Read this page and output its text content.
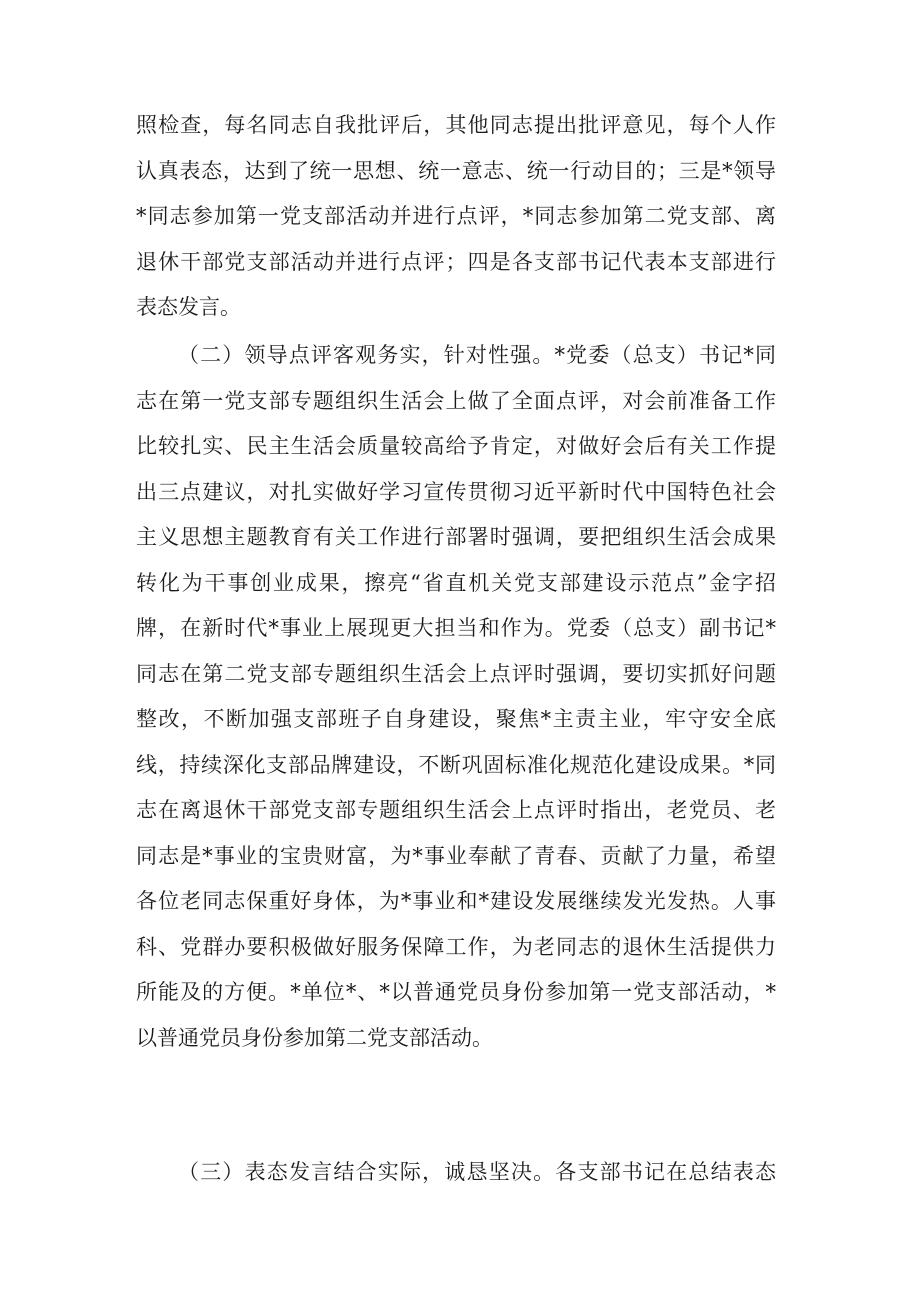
照检查，每名同志自我批评后，其他同志提出批评意见，每个人作
认真表态，达到了统一思想、统一意志、统一行动目的；三是*领导
*同志参加第一党支部活动并进行点评，*同志参加第二党支部、离
退休干部党支部活动并进行点评；四是各支部书记代表本支部进行
表态发言。
（二）领导点评客观务实，针对性强。*党委（总支）书记*同
志在第一党支部专题组织生活会上做了全面点评，对会前准备工作
比较扎实、民主生活会质量较高给予肯定，对做好会后有关工作提
出三点建议，对扎实做好学习宣传贯彻习近平新时代中国特色社会
主义思想主题教育有关工作进行部署时强调，要把组织生活会成果
转化为干事创业成果，擦亮“省直机关党支部建设示范点”金字招
牌，在新时代*事业上展现更大担当和作为。党委（总支）副书记*
同志在第二党支部专题组织生活会上点评时强调，要切实抓好问题
整改，不断加强支部班子自身建设，聚焦*主责主业，牢守安全底
线，持续深化支部品牌建设，不断巩固标准化规范化建设成果。*同
志在离退休干部党支部专题组织生活会上点评时指出，老党员、老
同志是*事业的宝贵财富，为*事业奉献了青春、贡献了力量，希望
各位老同志保重好身体，为*事业和*建设发展继续发光发热。人事
科、党群办要积极做好服务保障工作，为老同志的退休生活提供力
所能及的方便。*单位*、*以普通党员身份参加第一党支部活动，*
以普通党员身份参加第二党支部活动。
（三）表态发言结合实际，诚恳坚决。各支部书记在总结表态
